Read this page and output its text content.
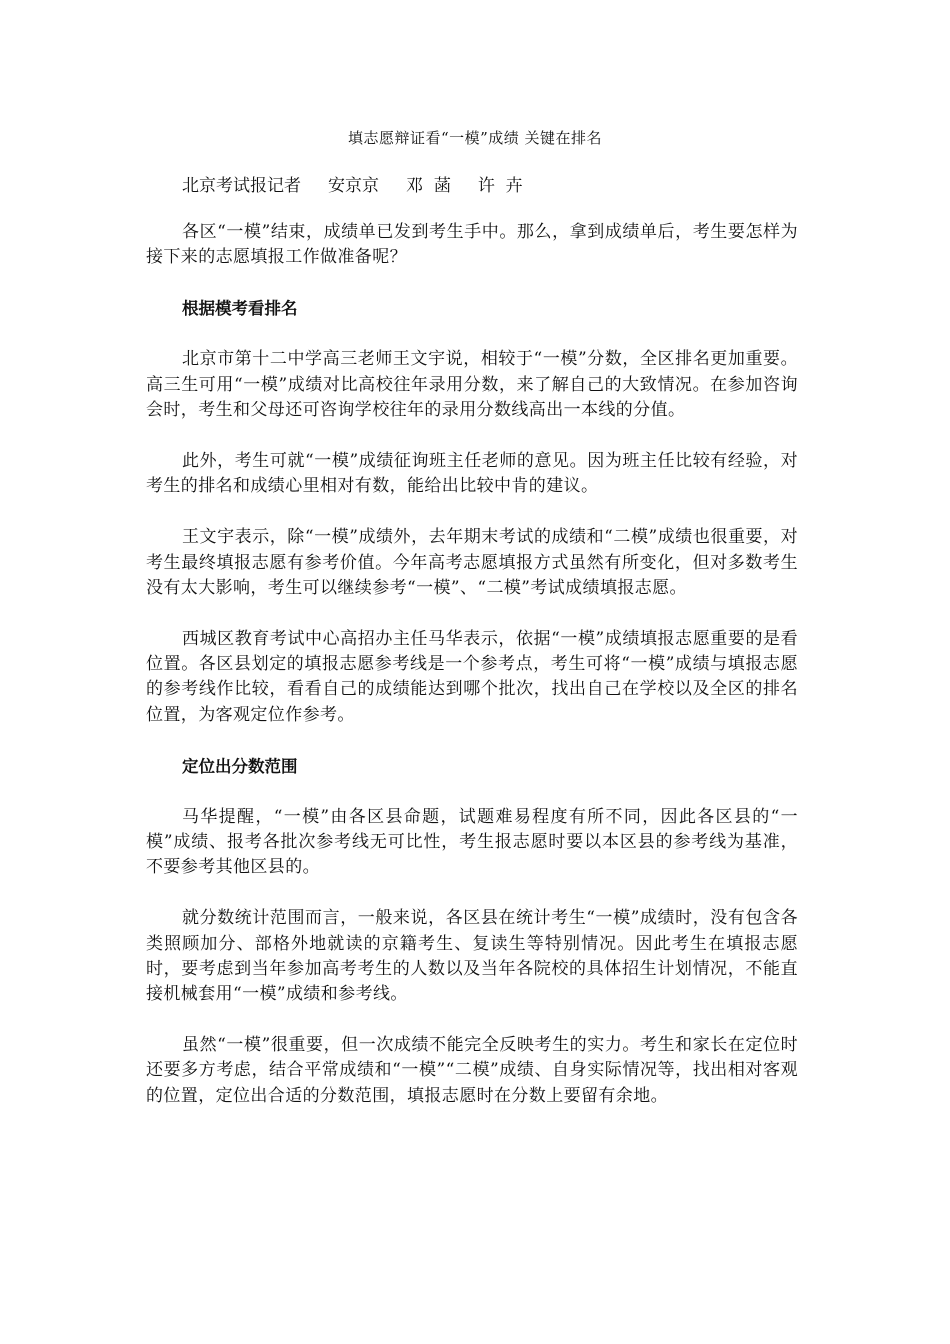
填志愿辩证看“一模”成绩 关键在排名
北京考试报记者     安京京     邓  菡     许  卉

各区“一模”结束，成绩单已发到考生手中。那么，拿到成绩单后，考生要怎样为接下来的志愿填报工作做准备呢？

根据模考看排名

北京市第十二中学高三老师王文宇说，相较于“一模”分数，全区排名更加重要。高三生可用“一模”成绩对比高校往年录用分数，来了解自己的大致情况。在参加咨询会时，考生和父母还可咨询学校往年的录用分数线高出一本线的分值。

此外，考生可就“一模”成绩征询班主任老师的意见。因为班主任比较有经验，对考生的排名和成绩心里相对有数，能给出比较中肯的建议。

王文宇表示，除“一模”成绩外，去年期末考试的成绩和“二模”成绩也很重要，对考生最终填报志愿有参考价值。今年高考志愿填报方式虽然有所变化，但对多数考生没有太大影响，考生可以继续参考“一模”、“二模”考试成绩填报志愿。

西城区教育考试中心高招办主任马华表示，依据“一模”成绩填报志愿重要的是看位置。各区县划定的填报志愿参考线是一个参考点，考生可将“一模”成绩与填报志愿的参考线作比较，看看自己的成绩能达到哪个批次，找出自己在学校以及全区的排名位置，为客观定位作参考。

定位出分数范围

马华提醒，“一模”由各区县命题，试题难易程度有所不同，因此各区县的“一模”成绩、报考各批次参考线无可比性，考生报志愿时要以本区县的参考线为基准，不要参考其他区县的。

就分数统计范围而言，一般来说，各区县在统计考生“一模”成绩时，没有包含各类照顾加分、部格外地就读的京籍考生、复读生等特别情况。因此考生在填报志愿时，要考虑到当年参加高考考生的人数以及当年各院校的具体招生计划情况，不能直接机械套用“一模”成绩和参考线。

虽然“一模”很重要，但一次成绩不能完全反映考生的实力。考生和家长在定位时还要多方考虑，结合平常成绩和“一模”“二模”成绩、自身实际情况等，找出相对客观的位置，定位出合适的分数范围，填报志愿时在分数上要留有余地。
